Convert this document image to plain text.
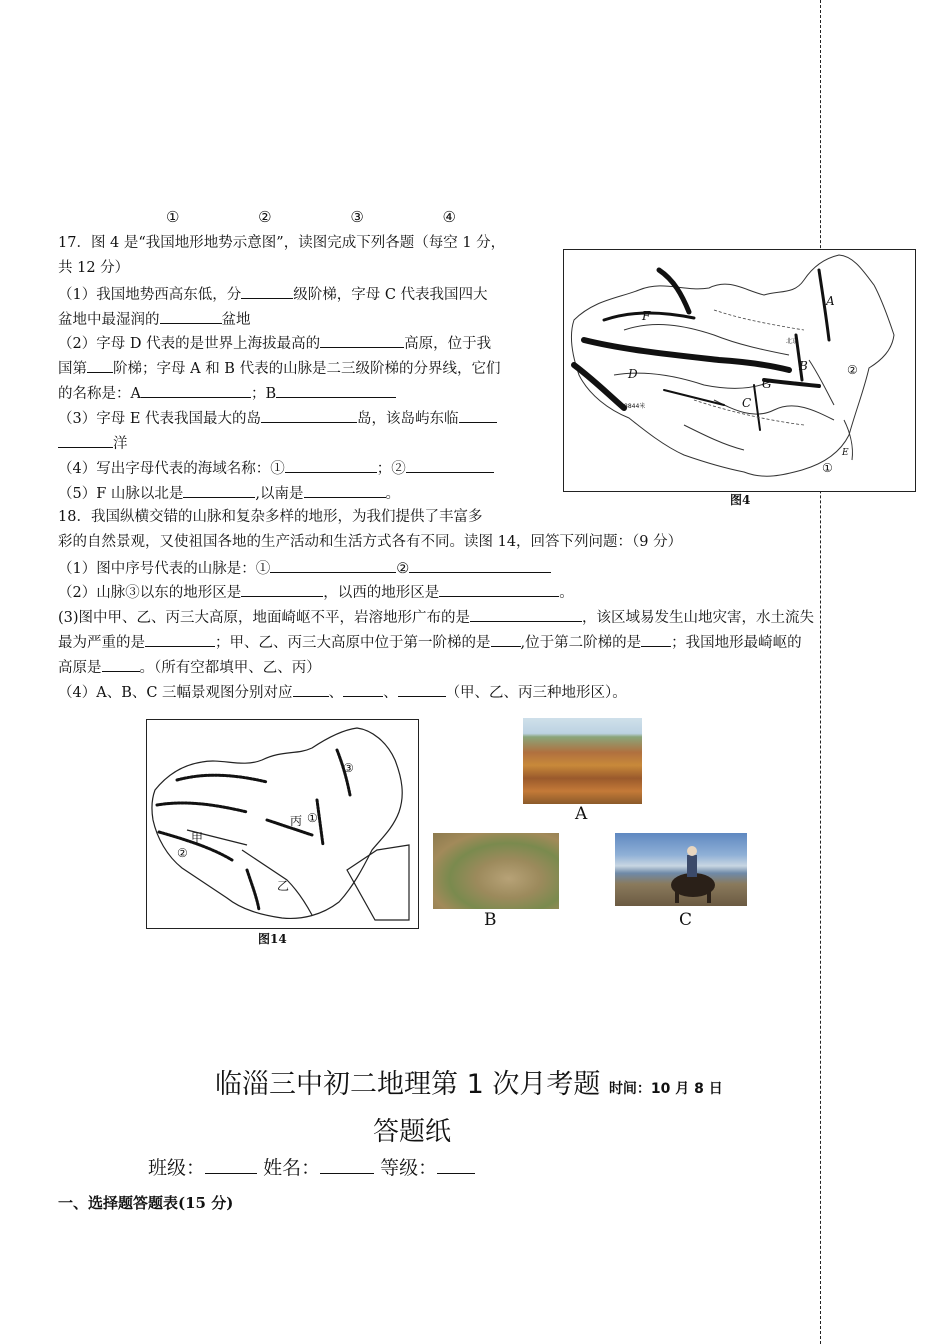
①	②	③	④
17．图 4 是“我国地形地势示意图”，读图完成下列各题（每空 1 分，
共 12 分）
（1）我国地势西高东低，分	级阶梯，字母 C 代表我国四大
盆地中最湿润的	盆地
（2）字母 D 代表的是世界上海拔最高的	高原，位于我
国第 阶梯；字母 A 和 B 代表的山脉是二三级阶梯的分界线，它们
的名称是：A	；B
（3）字母 E 代表我国最大的岛	岛，该岛屿东临
洋
（4）写出字母代表的海域名称：①	；②
（5）F 山脉以北是	,以南是	。
A
B
C
D
F
G
E
②
①
8844米
北京
图4
18．我国纵横交错的山脉和复杂多样的地形，为我们提供了丰富多
彩的自然景观，又使祖国各地的生产活动和生活方式各有不同。读图 14，回答下列问题：（9 分）
（1）图中序号代表的山脉是：①	②
（2）山脉③以东的地形区是	，以西的地形区是	。
(3)图中甲、乙、丙三大高原，地面崎岖不平，岩溶地形广布的是	，该区域易发生山地灾害，水土流失
最为严重的是	；甲、乙、丙三大高原中位于第一阶梯的是 ,位于第二阶梯的是 ；我国地形最崎岖的
高原是	。（所有空都填甲、乙、丙）
（4）A、B、C 三幅景观图分别对应 、	、	（甲、乙、丙三种地形区）。
③
①
②
甲
乙
丙
图14
A
B	C
临淄三中初二地理第 1 次月考题 时间：10 月 8 日
答题纸
班级：	姓名：	等级：
一、选择题答题表(15 分)
